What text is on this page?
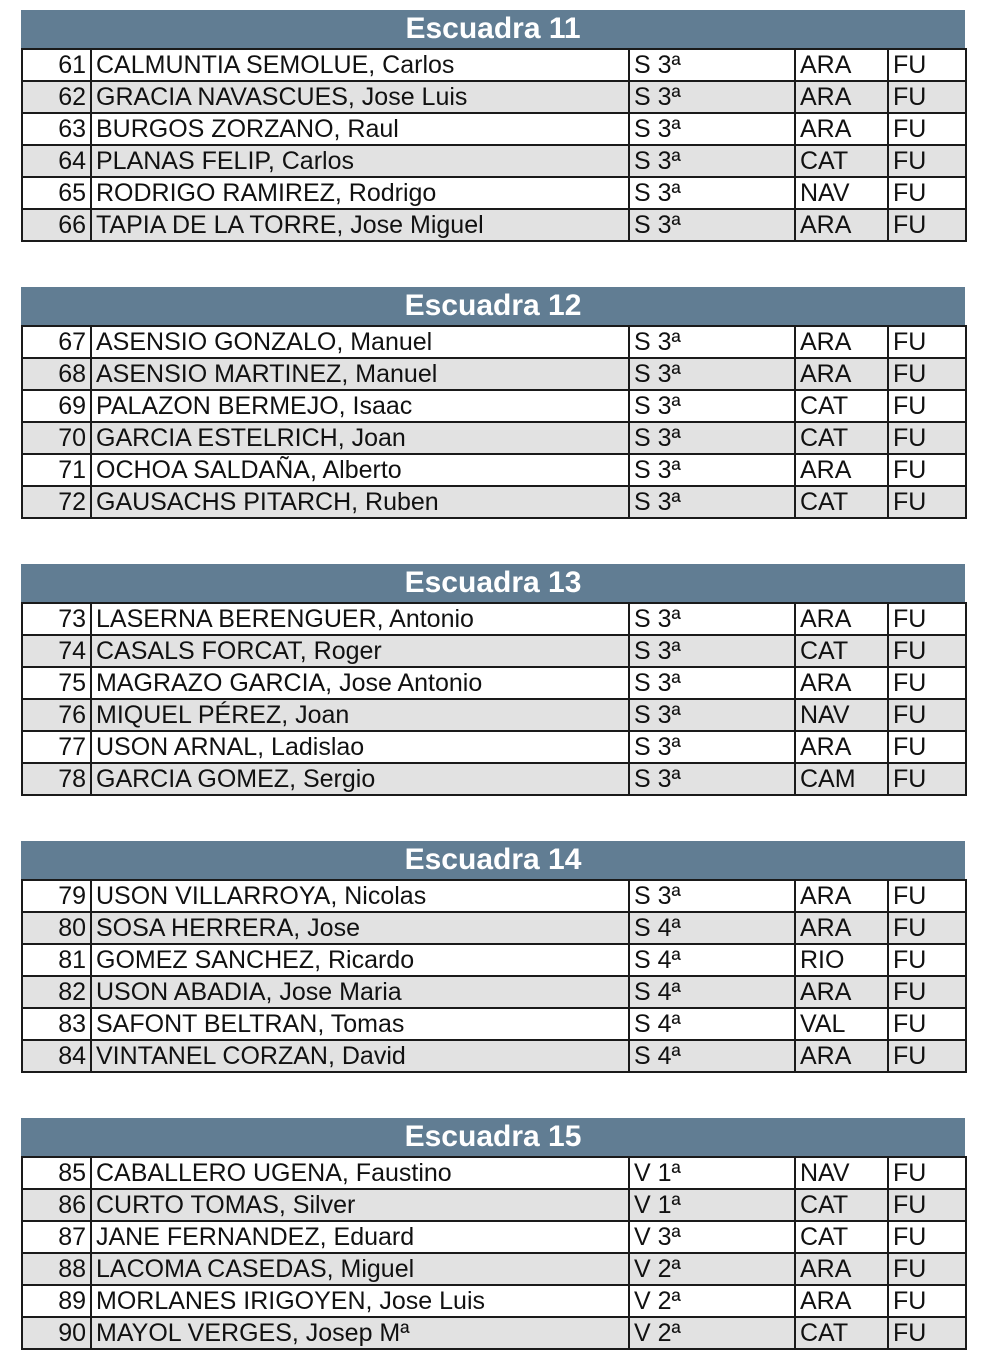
Escuadra 11
61	CALMUNTIA SEMOLUE, Carlos	S 3ª	ARA	FU
62	GRACIA NAVASCUES, Jose Luis	S 3ª	ARA	FU
63	BURGOS ZORZANO, Raul	S 3ª	ARA	FU
64	PLANAS FELIP, Carlos	S 3ª	CAT	FU
65	RODRIGO RAMIREZ, Rodrigo	S 3ª	NAV	FU
66	TAPIA DE LA TORRE, Jose Miguel	S 3ª	ARA	FU
Escuadra 12
67	ASENSIO GONZALO, Manuel	S 3ª	ARA	FU
68	ASENSIO MARTINEZ, Manuel	S 3ª	ARA	FU
69	PALAZON BERMEJO, Isaac	S 3ª	CAT	FU
70	GARCIA ESTELRICH, Joan	S 3ª	CAT	FU
71	OCHOA SALDAÑA, Alberto	S 3ª	ARA	FU
72	GAUSACHS PITARCH, Ruben	S 3ª	CAT	FU
Escuadra 13
73	LASERNA BERENGUER, Antonio	S 3ª	ARA	FU
74	CASALS FORCAT, Roger	S 3ª	CAT	FU
75	MAGRAZO GARCIA, Jose Antonio	S 3ª	ARA	FU
76	MIQUEL PÉREZ, Joan	S 3ª	NAV	FU
77	USON ARNAL, Ladislao	S 3ª	ARA	FU
78	GARCIA GOMEZ, Sergio	S 3ª	CAM	FU
Escuadra 14
79	USON VILLARROYA, Nicolas	S 3ª	ARA	FU
80	SOSA HERRERA, Jose	S 4ª	ARA	FU
81	GOMEZ SANCHEZ, Ricardo	S 4ª	RIO	FU
82	USON ABADIA, Jose Maria	S 4ª	ARA	FU
83	SAFONT BELTRAN, Tomas	S 4ª	VAL	FU
84	VINTANEL CORZAN, David	S 4ª	ARA	FU
Escuadra 15
85	CABALLERO UGENA, Faustino	V 1ª	NAV	FU
86	CURTO TOMAS, Silver	V 1ª	CAT	FU
87	JANE FERNANDEZ, Eduard	V 3ª	CAT	FU
88	LACOMA CASEDAS, Miguel	V 2ª	ARA	FU
89	MORLANES IRIGOYEN, Jose Luis	V 2ª	ARA	FU
90	MAYOL VERGES, Josep Mª	V 2ª	CAT	FU
